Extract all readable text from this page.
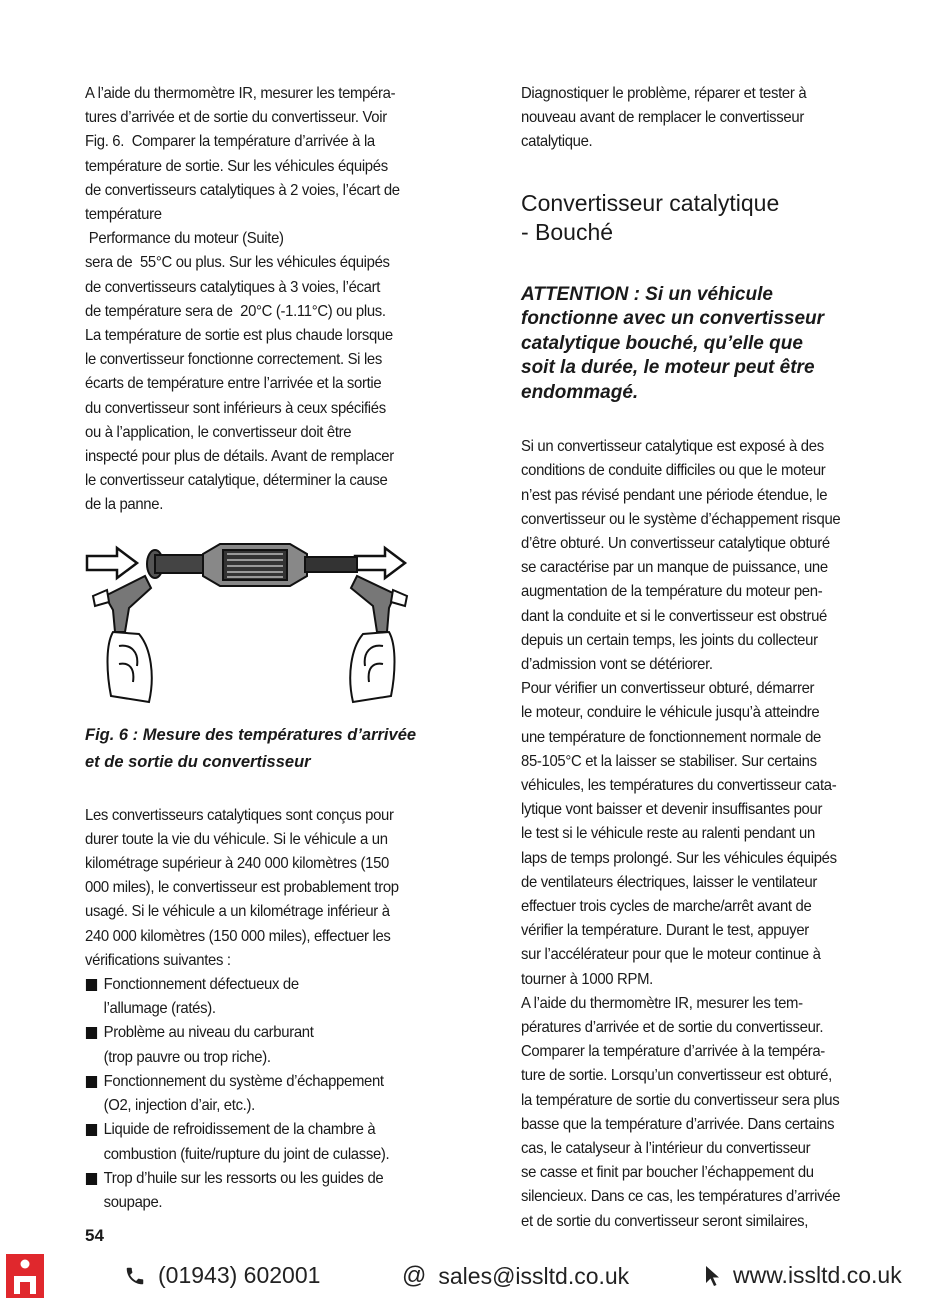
A l’aide du thermomètre IR, mesurer les tempéra-
tures d’arrivée et de sortie du convertisseur. Voir
Fig. 6.  Comparer la température d’arrivée à la
température de sortie. Sur les véhicules équipés
de convertisseurs catalytiques à 2 voies, l’écart de
température
Performance du moteur (Suite)
sera de  55°C ou plus. Sur les véhicules équipés
de convertisseurs catalytiques à 3 voies, l’écart
de température sera de  20°C (-1.11°C) ou plus.
La température de sortie est plus chaude lorsque
le convertisseur fonctionne correctement. Si les
écarts de température entre l’arrivée et la sortie
du convertisseur sont inférieurs à ceux spécifiés
ou à l’application, le convertisseur doit être
inspecté pour plus de détails. Avant de remplacer
le convertisseur catalytique, déterminer la cause
de la panne.
Fig. 6 : Mesure des températures d’arrivée et de sortie du convertisseur
Les convertisseurs catalytiques sont conçus pour
durer toute la vie du véhicule. Si le véhicule a un
kilométrage supérieur à 240 000 kilomètres (150
000 miles), le convertisseur est probablement trop
usagé. Si le véhicule a un kilométrage inférieur à
240 000 kilomètres (150 000 miles), effectuer les
vérifications suivantes :
Fonctionnement défectueux de
l’allumage (ratés).
Problème au niveau du carburant
(trop pauvre ou trop riche).
Fonctionnement du système d’échappement
(O2, injection d’air, etc.).
Liquide de refroidissement de la chambre à
combustion (fuite/rupture du joint de culasse).
Trop d’huile sur les ressorts ou les guides de
soupape.
Diagnostiquer le problème, réparer et tester à
nouveau avant de remplacer le convertisseur
catalytique.
Convertisseur catalytique
- Bouché
ATTENTION : Si un véhicule
fonctionne avec un convertisseur
catalytique bouché, qu’elle que
soit la durée, le moteur peut être
endommagé.
Si un convertisseur catalytique est exposé à des
conditions de conduite difficiles ou que le moteur
n’est pas révisé pendant une période étendue, le
convertisseur ou le système d’échappement risque
d’être obturé. Un convertisseur catalytique obturé
se caractérise par un manque de puissance, une
augmentation de la température du moteur pen-
dant la conduite et si le convertisseur est obstrué
depuis un certain temps, les joints du collecteur
d’admission vont se détériorer.
Pour vérifier un convertisseur obturé, démarrer
le moteur, conduire le véhicule jusqu’à atteindre
une température de fonctionnement normale de
85-105°C et la laisser se stabiliser. Sur certains
véhicules, les températures du convertisseur cata-
lytique vont baisser et devenir insuffisantes pour
le test si le véhicule reste au ralenti pendant un
laps de temps prolongé. Sur les véhicules équipés
de ventilateurs électriques, laisser le ventilateur
effectuer trois cycles de marche/arrêt avant de
vérifier la température. Durant le test, appuyer
sur l’accélérateur pour que le moteur continue à
tourner à 1000 RPM.
A l’aide du thermomètre IR, mesurer les tem-
pératures d’arrivée et de sortie du convertisseur.
Comparer la température d’arrivée à la tempéra-
ture de sortie. Lorsqu’un convertisseur est obturé,
la température de sortie du convertisseur sera plus
basse que la température d’arrivée. Dans certains
cas, le catalyseur à l’intérieur du convertisseur
se casse et finit par boucher l’échappement du
silencieux. Dans ce cas, les températures d’arrivée
et de sortie du convertisseur seront similaires,
54
(01943) 602001	@ sales@issltd.co.uk	www.issltd.co.uk
